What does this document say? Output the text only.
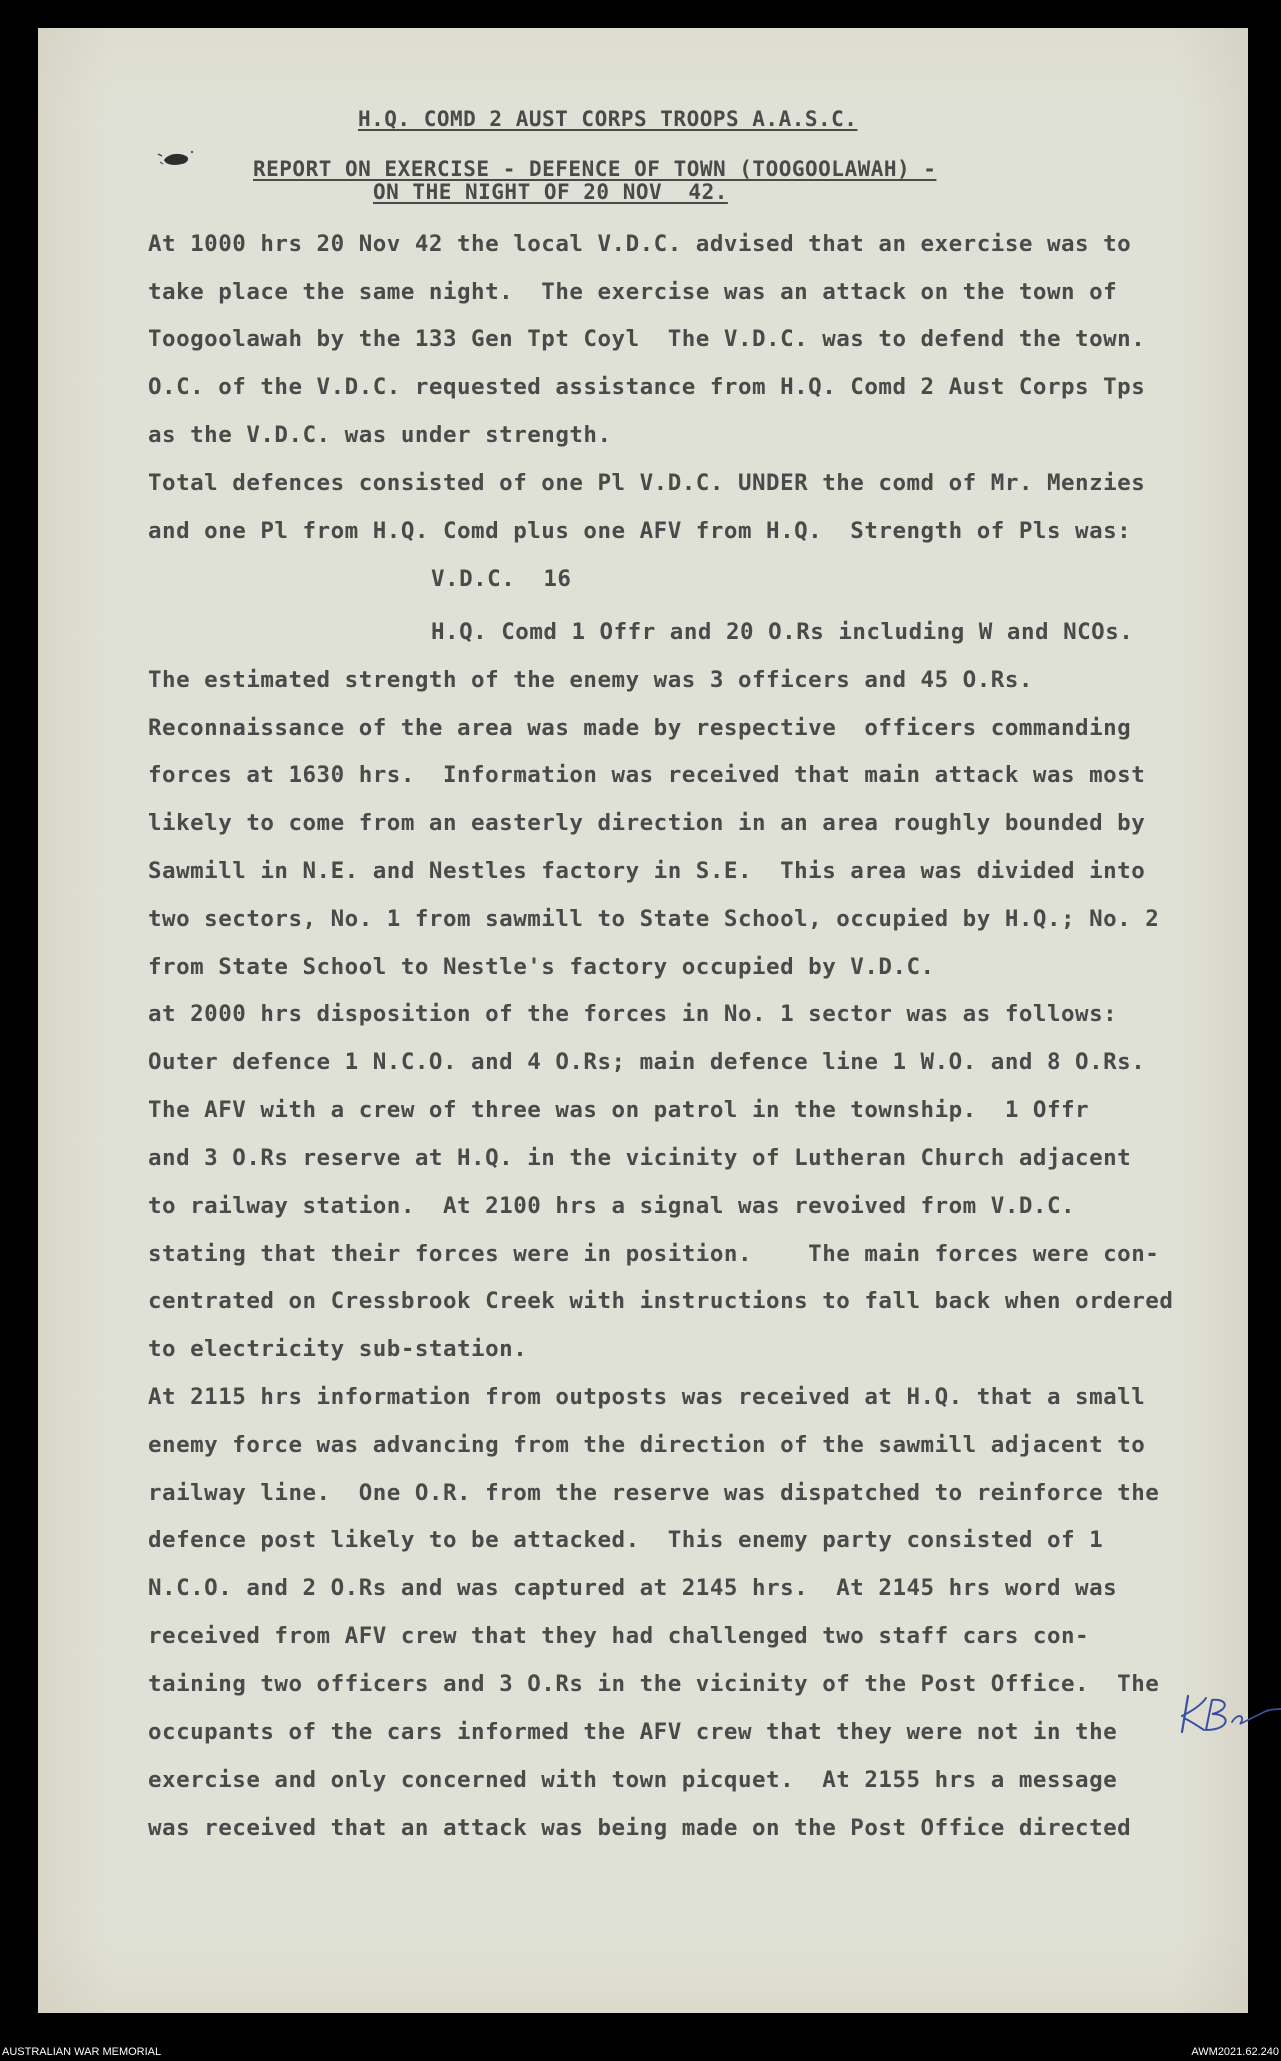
H.Q. COMD 2 AUST CORPS TROOPS A.A.S.C.
REPORT ON EXERCISE - DEFENCE OF TOWN (TOOGOOLAWAH) -
ON THE NIGHT OF 20 NOV  42.
At 1000 hrs 20 Nov 42 the local V.D.C. advised that an exercise was to
take place the same night.  The exercise was an attack on the town of
Toogoolawah by the 133 Gen Tpt Coyl  The V.D.C. was to defend the town.
O.C. of the V.D.C. requested assistance from H.Q. Comd 2 Aust Corps Tps
as the V.D.C. was under strength.
Total defences consisted of one Pl V.D.C. UNDER the comd of Mr. Menzies
and one Pl from H.Q. Comd plus one AFV from H.Q.  Strength of Pls was:
V.D.C.  16
H.Q. Comd 1 Offr and 20 O.Rs including W and NCOs.
The estimated strength of the enemy was 3 officers and 45 O.Rs.
Reconnaissance of the area was made by respective  officers commanding
forces at 1630 hrs.  Information was received that main attack was most
likely to come from an easterly direction in an area roughly bounded by
Sawmill in N.E. and Nestles factory in S.E.  This area was divided into
two sectors, No. 1 from sawmill to State School, occupied by H.Q.; No. 2
from State School to Nestle's factory occupied by V.D.C.
at 2000 hrs disposition of the forces in No. 1 sector was as follows:
Outer defence 1 N.C.O. and 4 O.Rs; main defence line 1 W.O. and 8 O.Rs.
The AFV with a crew of three was on patrol in the township.  1 Offr
and 3 O.Rs reserve at H.Q. in the vicinity of Lutheran Church adjacent
to railway station.  At 2100 hrs a signal was revoived from V.D.C.
stating that their forces were in position.    The main forces were con-
centrated on Cressbrook Creek with instructions to fall back when ordered
to electricity sub-station.
At 2115 hrs information from outposts was received at H.Q. that a small
enemy force was advancing from the direction of the sawmill adjacent to
railway line.  One O.R. from the reserve was dispatched to reinforce the
defence post likely to be attacked.  This enemy party consisted of 1
N.C.O. and 2 O.Rs and was captured at 2145 hrs.  At 2145 hrs word was
received from AFV crew that they had challenged two staff cars con-
taining two officers and 3 O.Rs in the vicinity of the Post Office.  The
occupants of the cars informed the AFV crew that they were not in the
exercise and only concerned with town picquet.  At 2155 hrs a message
was received that an attack was being made on the Post Office directed
AUSTRALIAN WAR MEMORIAL	AWM2021.62.240
